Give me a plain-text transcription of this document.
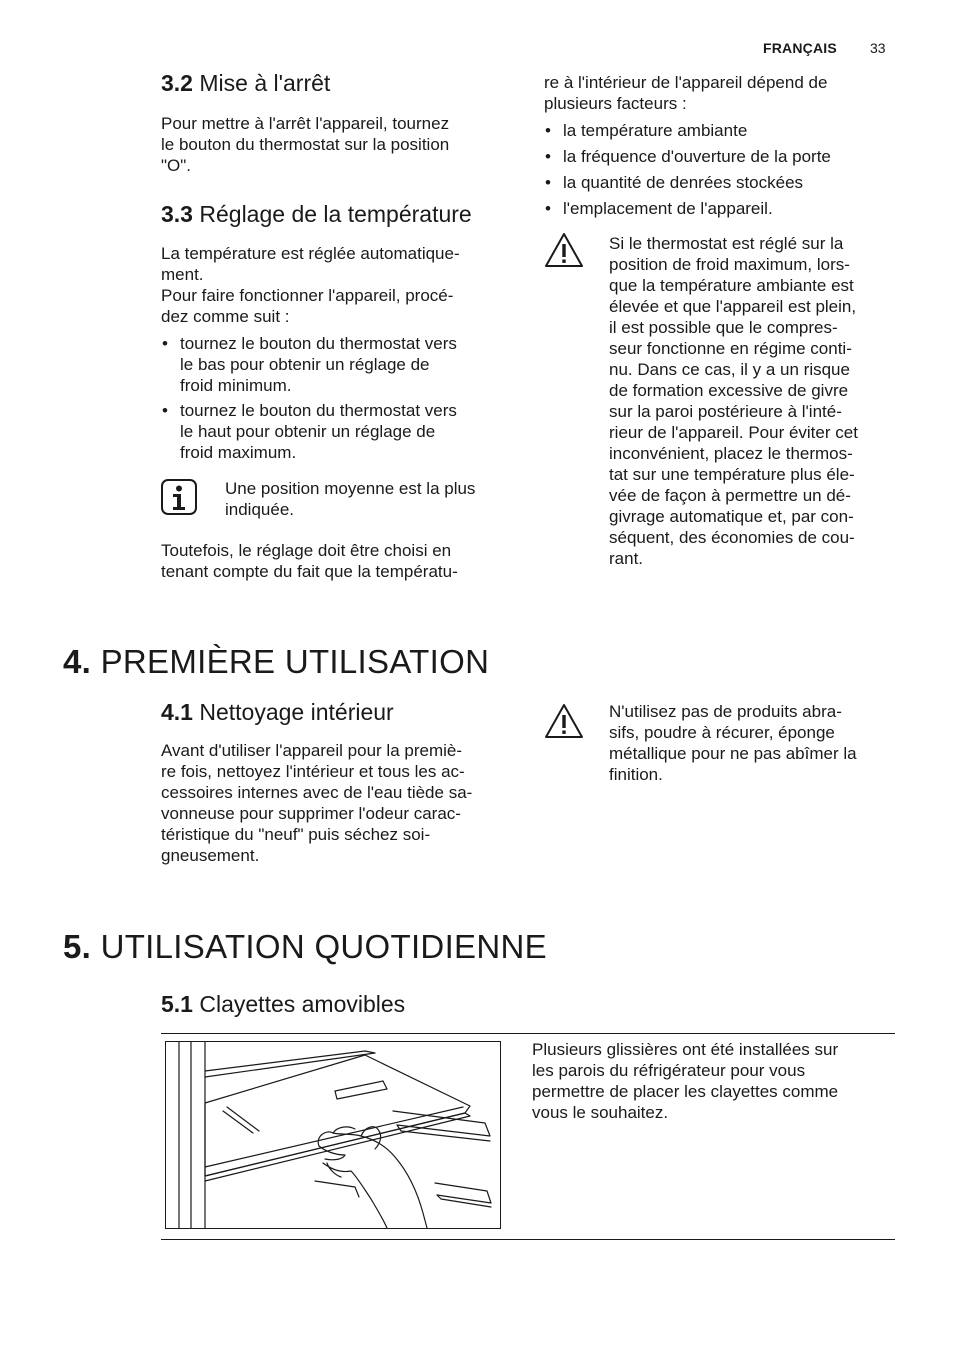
FRANÇAIS 33
3.2 Mise à l'arrêt

Pour mettre à l'arrêt l'appareil, tournez

le bouton du thermostat sur la position

"O".

3.3 Réglage de la température

La température est réglée automatique-

ment.

Pour faire fonctionner l'appareil, procé-

dez comme suit :

• tournez le bouton du thermostat vers
le bas pour obtenir un réglage de
froid minimum.
• tournez le bouton du thermostat vers
le haut pour obtenir un réglage de
froid maximum.

Une position moyenne est la plus

indiquée.

Toutefois, le réglage doit être choisi en

tenant compte du fait que la températu-

re à l'intérieur de l'appareil dépend de

plusieurs facteurs :

• la température ambiante
• la fréquence d'ouverture de la porte
• la quantité de denrées stockées
• l'emplacement de l'appareil.

Si le thermostat est réglé sur la

position de froid maximum, lors-

que la température ambiante est

élevée et que l'appareil est plein,

il est possible que le compres-

seur fonctionne en régime conti-

nu. Dans ce cas, il y a un risque

de formation excessive de givre

sur la paroi postérieure à l'inté-

rieur de l'appareil. Pour éviter cet

inconvénient, placez le thermos-

tat sur une température plus éle-

vée de façon à permettre un dé-

givrage automatique et, par con-

séquent, des économies de cou-

rant.

4. PREMIÈRE UTILISATION
4.1 Nettoyage intérieur

Avant d'utiliser l'appareil pour la premiè-

re fois, nettoyez l'intérieur et tous les ac-

cessoires internes avec de l'eau tiède sa-

vonneuse pour supprimer l'odeur carac-

téristique du "neuf" puis séchez soi-

gneusement.

N'utilisez pas de produits abra-

sifs, poudre à récurer, éponge

métallique pour ne pas abîmer la

finition.

5. UTILISATION QUOTIDIENNE
5.1 Clayettes amovibles

Plusieurs glissières ont été installées sur

les parois du réfrigérateur pour vous

permettre de placer les clayettes comme

vous le souhaitez.
